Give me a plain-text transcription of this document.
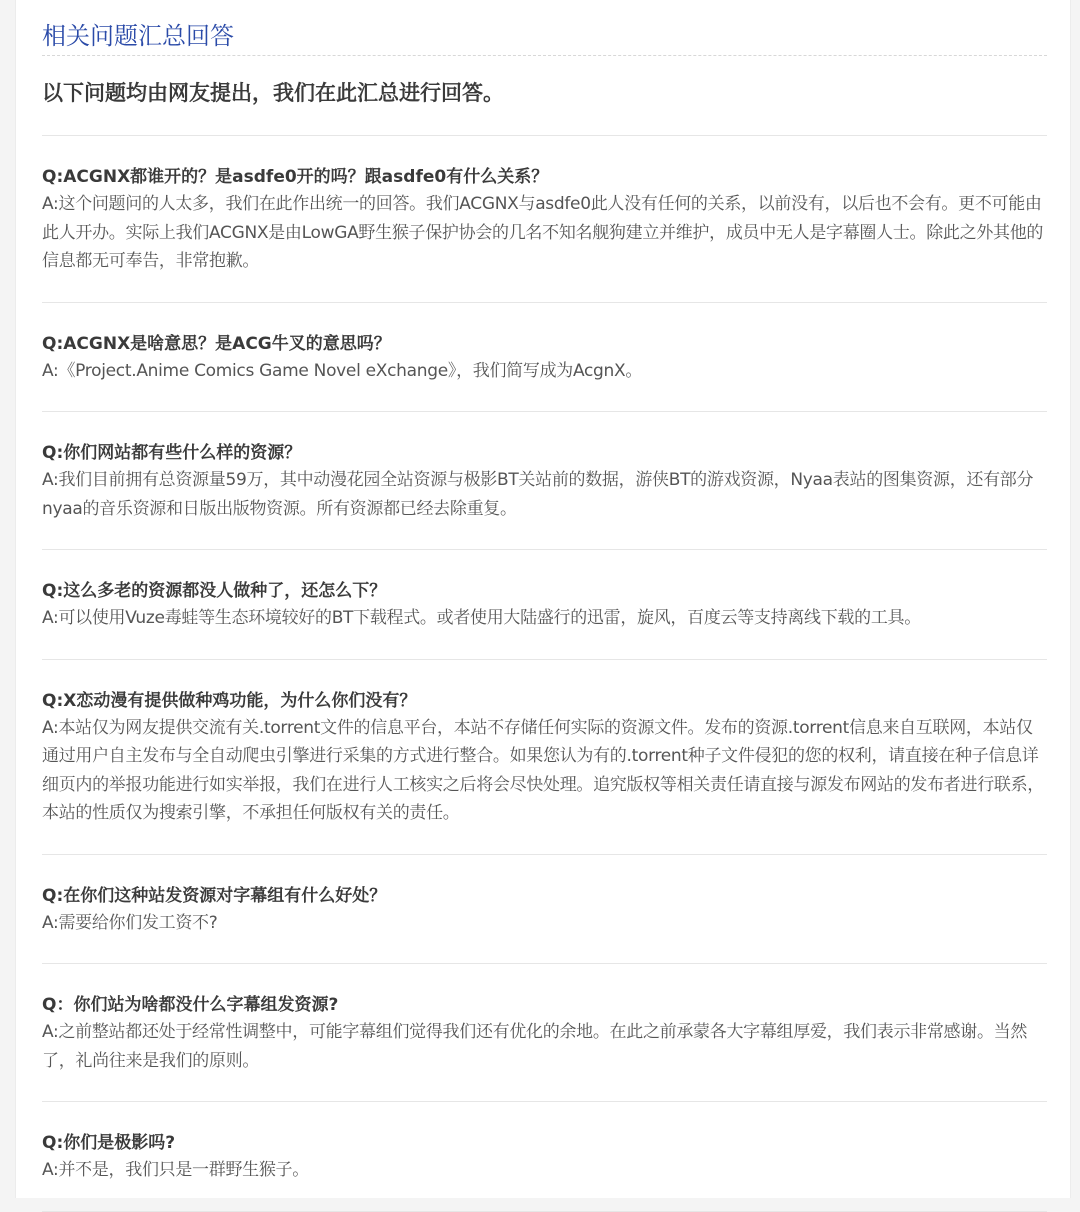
相关问题汇总回答

以下问题均由网友提出，我们在此汇总进行回答。

Q:ACGNX都谁开的？是asdfe0开的吗？跟asdfe0有什么关系？

A:这个问题问的人太多，我们在此作出统一的回答。我们ACGNX与asdfe0此人没有任何的关系，以前没有，以后也不会有。更不可能由此人开办。实际上我们ACGNX是由LowGA野生猴子保护协会的几名不知名舰狗建立并维护，成员中无人是字幕圈人士。除此之外其他的信息都无可奉告，非常抱歉。

Q:ACGNX是啥意思？是ACG牛叉的意思吗？

A:《Project.Anime Comics Game Novel eXchange》，我们简写成为AcgnX。

Q:你们网站都有些什么样的资源？

A:我们目前拥有总资源量59万，其中动漫花园全站资源与极影BT关站前的数据，游侠BT的游戏资源，Nyaa表站的图集资源，还有部分nyaa的音乐资源和日版出版物资源。所有资源都已经去除重复。

Q:这么多老的资源都没人做种了，还怎么下？

A:可以使用Vuze毒蛙等生态环境较好的BT下载程式。或者使用大陆盛行的迅雷，旋风，百度云等支持离线下载的工具。

Q:X恋动漫有提供做种鸡功能，为什么你们没有？

A:本站仅为网友提供交流有关.torrent文件的信息平台，本站不存储任何实际的资源文件。发布的资源.torrent信息来自互联网，本站仅通过用户自主发布与全自动爬虫引擎进行采集的方式进行整合。如果您认为有的.torrent种子文件侵犯的您的权利，请直接在种子信息详细页内的举报功能进行如实举报，我们在进行人工核实之后将会尽快处理。追究版权等相关责任请直接与源发布网站的发布者进行联系，本站的性质仅为搜索引擎，不承担任何版权有关的责任。

Q:在你们这种站发资源对字幕组有什么好处？

A:需要给你们发工资不?

Q：你们站为啥都没什么字幕组发资源?

A:之前整站都还处于经常性调整中，可能字幕组们觉得我们还有优化的余地。在此之前承蒙各大字幕组厚爱，我们表示非常感谢。当然了，礼尚往来是我们的原则。

Q:你们是极影吗?

A:并不是，我们只是一群野生猴子。
